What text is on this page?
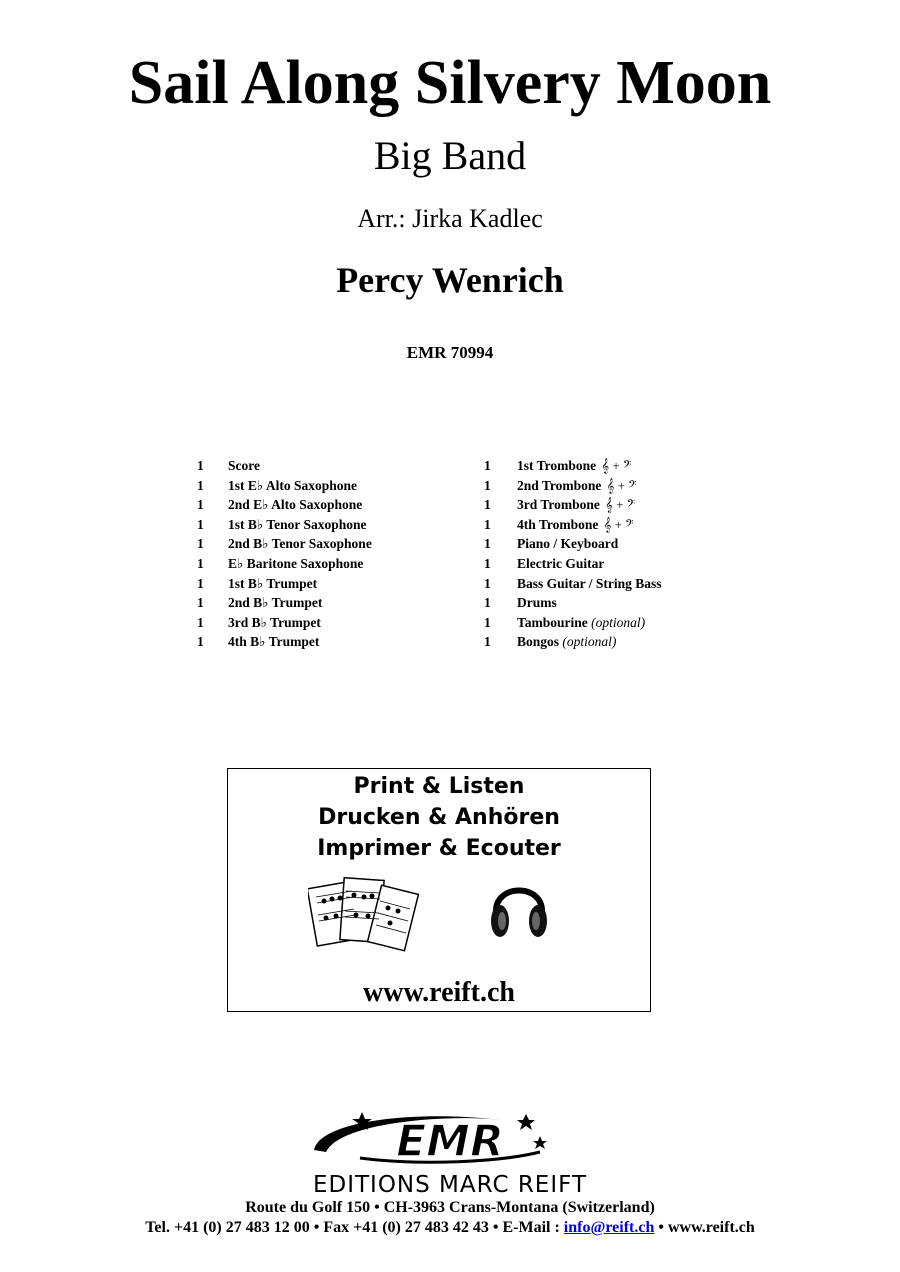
Sail Along Silvery Moon
Big Band
Arr.: Jirka Kadlec
Percy Wenrich
EMR 70994
1	Score
1	1st E♭ Alto Saxophone
1	2nd E♭ Alto Saxophone
1	1st B♭ Tenor Saxophone
1	2nd B♭ Tenor Saxophone
1	E♭ Baritone Saxophone
1	1st B♭ Trumpet
1	2nd B♭ Trumpet
1	3rd B♭ Trumpet
1	4th B♭ Trumpet
1	1st Trombone 𝄞 + 𝄢
1	2nd Trombone 𝄞 + 𝄢
1	3rd Trombone 𝄞 + 𝄢
1	4th Trombone 𝄞 + 𝄢
1	Piano / Keyboard
1	Electric Guitar
1	Bass Guitar / String Bass
1	Drums
1	Tambourine (optional)
1	Bongos (optional)
Print & Listen
Drucken & Anhören
Imprimer & Ecouter
www.reift.ch
EMR
EDITIONS MARC REIFT
Route du Golf 150 • CH-3963 Crans-Montana (Switzerland)
Tel. +41 (0) 27 483 12 00 • Fax +41 (0) 27 483 42 43 • E-Mail : info@reift.ch • www.reift.ch
